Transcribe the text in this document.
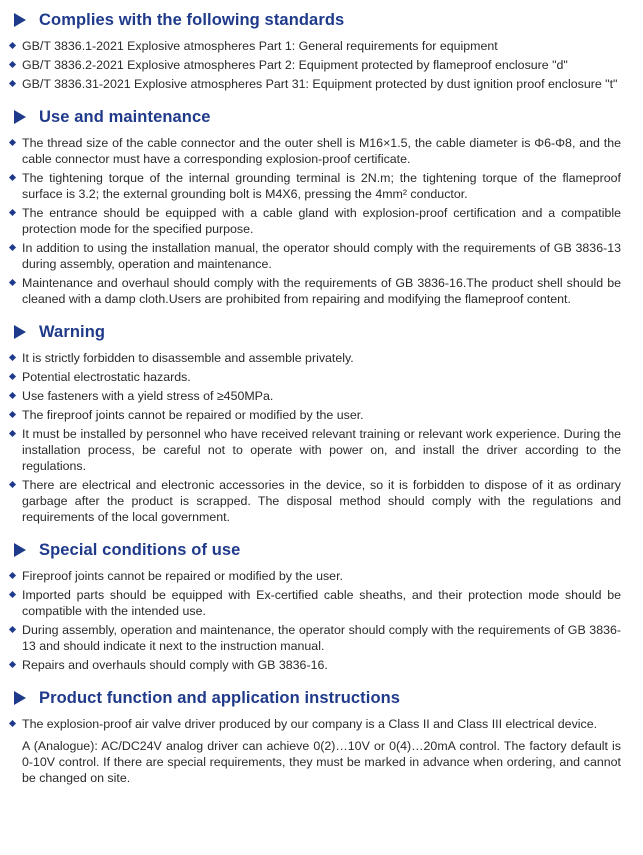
Complies with the following standards
GB/T 3836.1-2021 Explosive atmospheres Part 1: General requirements for equipment
GB/T 3836.2-2021 Explosive atmospheres Part 2: Equipment protected by flameproof enclosure "d"
GB/T 3836.31-2021 Explosive atmospheres Part 31: Equipment protected by dust ignition proof enclosure "t"
Use and maintenance
The thread size of the cable connector and the outer shell is M16×1.5, the cable diameter is Φ6-Φ8, and the cable connector must have a corresponding explosion-proof certificate.
The tightening torque of the internal grounding terminal is 2N.m; the tightening torque of the flameproof surface is 3.2; the external grounding bolt is M4X6, pressing the 4mm² conductor.
The entrance should be equipped with a cable gland with explosion-proof certification and a compatible protection mode for the specified purpose.
In addition to using the installation manual, the operator should comply with the requirements of GB 3836-13 during assembly, operation and maintenance.
Maintenance and overhaul should comply with the requirements of GB 3836-16.The product shell should be cleaned with a damp cloth.Users are prohibited from repairing and modifying the flameproof content.
Warning
It is strictly forbidden to disassemble and assemble privately.
Potential electrostatic hazards.
Use fasteners with a yield stress of ≥450MPa.
The fireproof joints cannot be repaired or modified by the user.
It must be installed by personnel who have received relevant training or relevant work experience. During the installation process, be careful not to operate with power on, and install the driver according to the regulations.
There are electrical and electronic accessories in the device, so it is forbidden to dispose of it as ordinary garbage after the product is scrapped. The disposal method should comply with the regulations and requirements of the local government.
Special conditions of use
Fireproof joints cannot be repaired or modified by the user.
Imported parts should be equipped with Ex-certified cable sheaths, and their protection mode should be compatible with the intended use.
During assembly, operation and maintenance, the operator should comply with the requirements of GB 3836-13 and should indicate it next to the instruction manual.
Repairs and overhauls should comply with GB 3836-16.
Product function and application instructions
The explosion-proof air valve driver produced by our company is a Class II and Class III electrical device.

A (Analogue): AC/DC24V analog driver can achieve 0(2)…10V or 0(4)…20mA control. The factory default is 0-10V control. If there are special requirements, they must be marked in advance when ordering, and cannot be changed on site.
